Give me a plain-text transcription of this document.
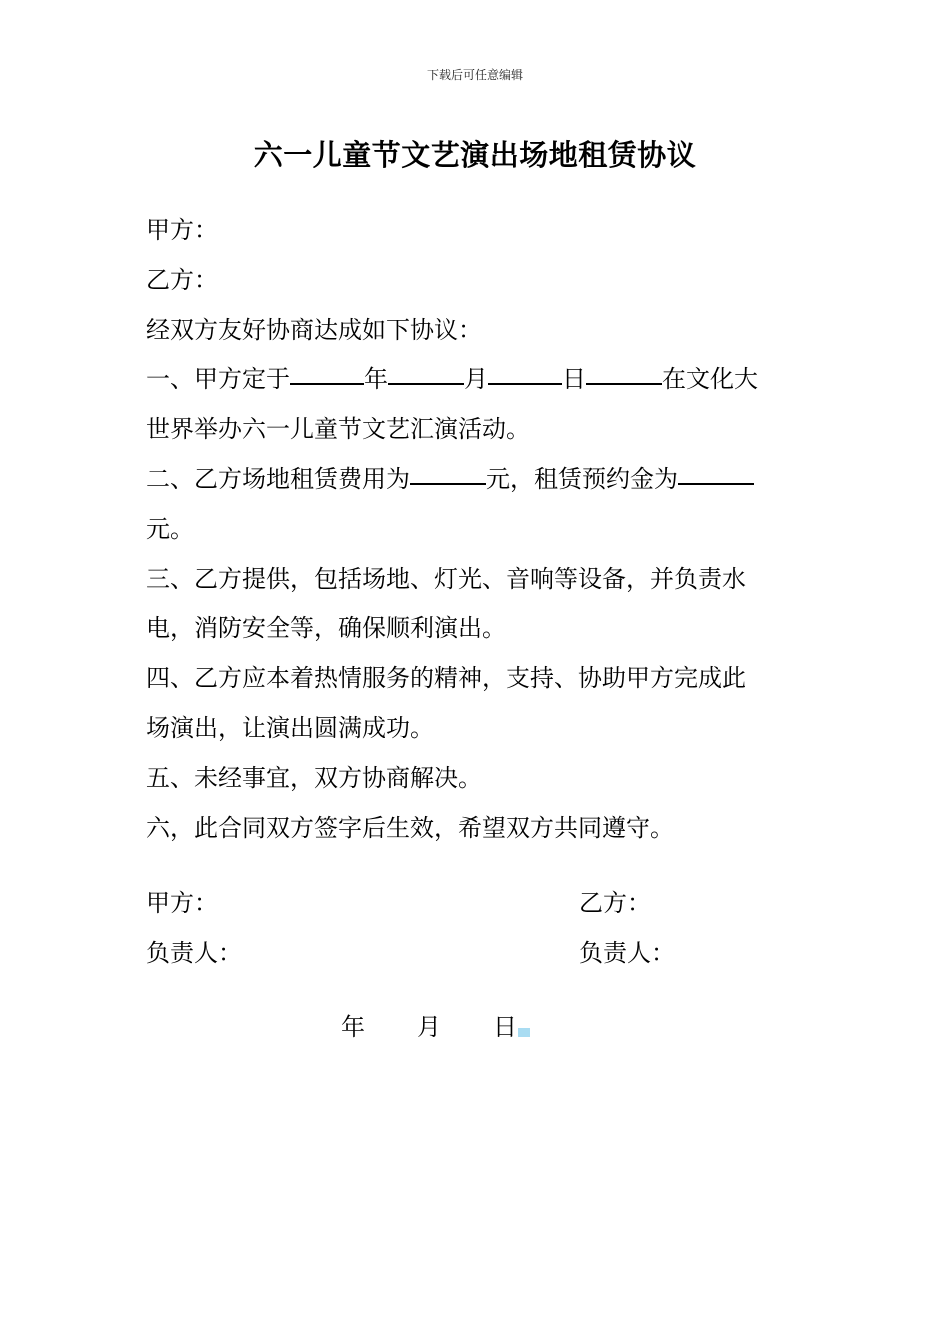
下载后可任意编辑
六一儿童节文艺演出场地租赁协议
甲方：
乙方：
经双方友好协商达成如下协议：
一、甲方定于	年	月	日	在文化大
世界举办六一儿童节文艺汇演活动。
二、乙方场地租赁费用为	元，租赁预约金为
元。
三、乙方提供，包括场地、灯光、音响等设备，并负责水
电，消防安全等，确保顺利演出。
四、乙方应本着热情服务的精神，支持、协助甲方完成此
场演出，让演出圆满成功。
五、未经事宜，双方协商解决。
六，此合同双方签字后生效，希望双方共同遵守。
甲方：	乙方：
负责人：	负责人：
年 月 日
